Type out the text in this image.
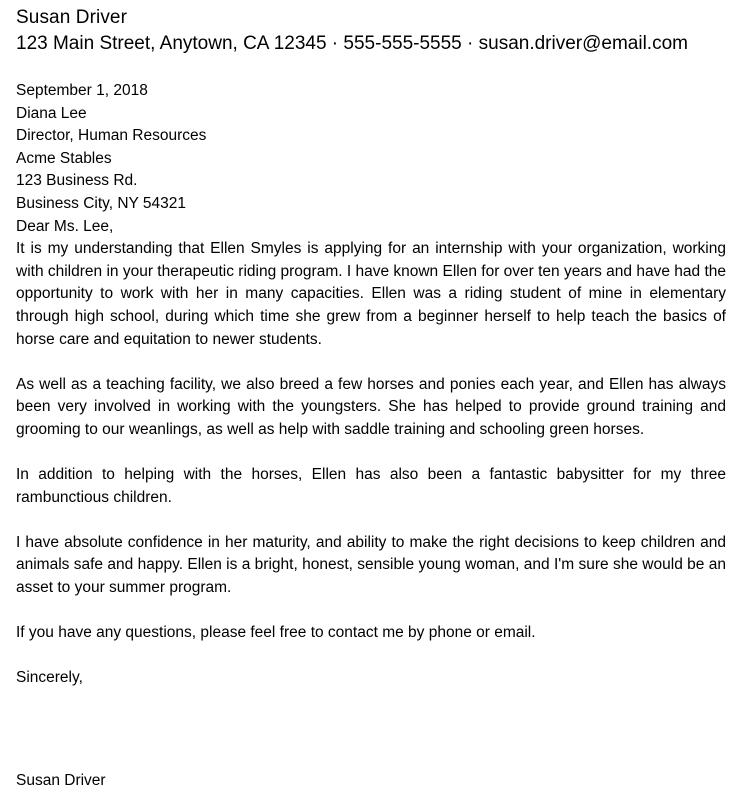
Susan Driver

123 Main Street, Anytown, CA 12345 · 555-555-5555 · susan.driver@email.com

September 1, 2018
Diana Lee
Director, Human Resources
Acme Stables
123 Business Rd.
Business City, NY 54321
Dear Ms. Lee,

It is my understanding that Ellen Smyles is applying for an internship with your organization, working with children in your therapeutic riding program. I have known Ellen for over ten years and have had the opportunity to work with her in many capacities. Ellen was a riding student of mine in elementary through high school, during which time she grew from a beginner herself to help teach the basics of horse care and equitation to newer students.

As well as a teaching facility, we also breed a few horses and ponies each year, and Ellen has always been very involved in working with the youngsters. She has helped to provide ground training and grooming to our weanlings, as well as help with saddle training and schooling green horses.

In addition to helping with the horses, Ellen has also been a fantastic babysitter for my three rambunctious children.

I have absolute confidence in her maturity, and ability to make the right decisions to keep children and animals safe and happy. Ellen is a bright, honest, sensible young woman, and I'm sure she would be an asset to your summer program.

If you have any questions, please feel free to contact me by phone or email.

Sincerely,

Susan Driver
